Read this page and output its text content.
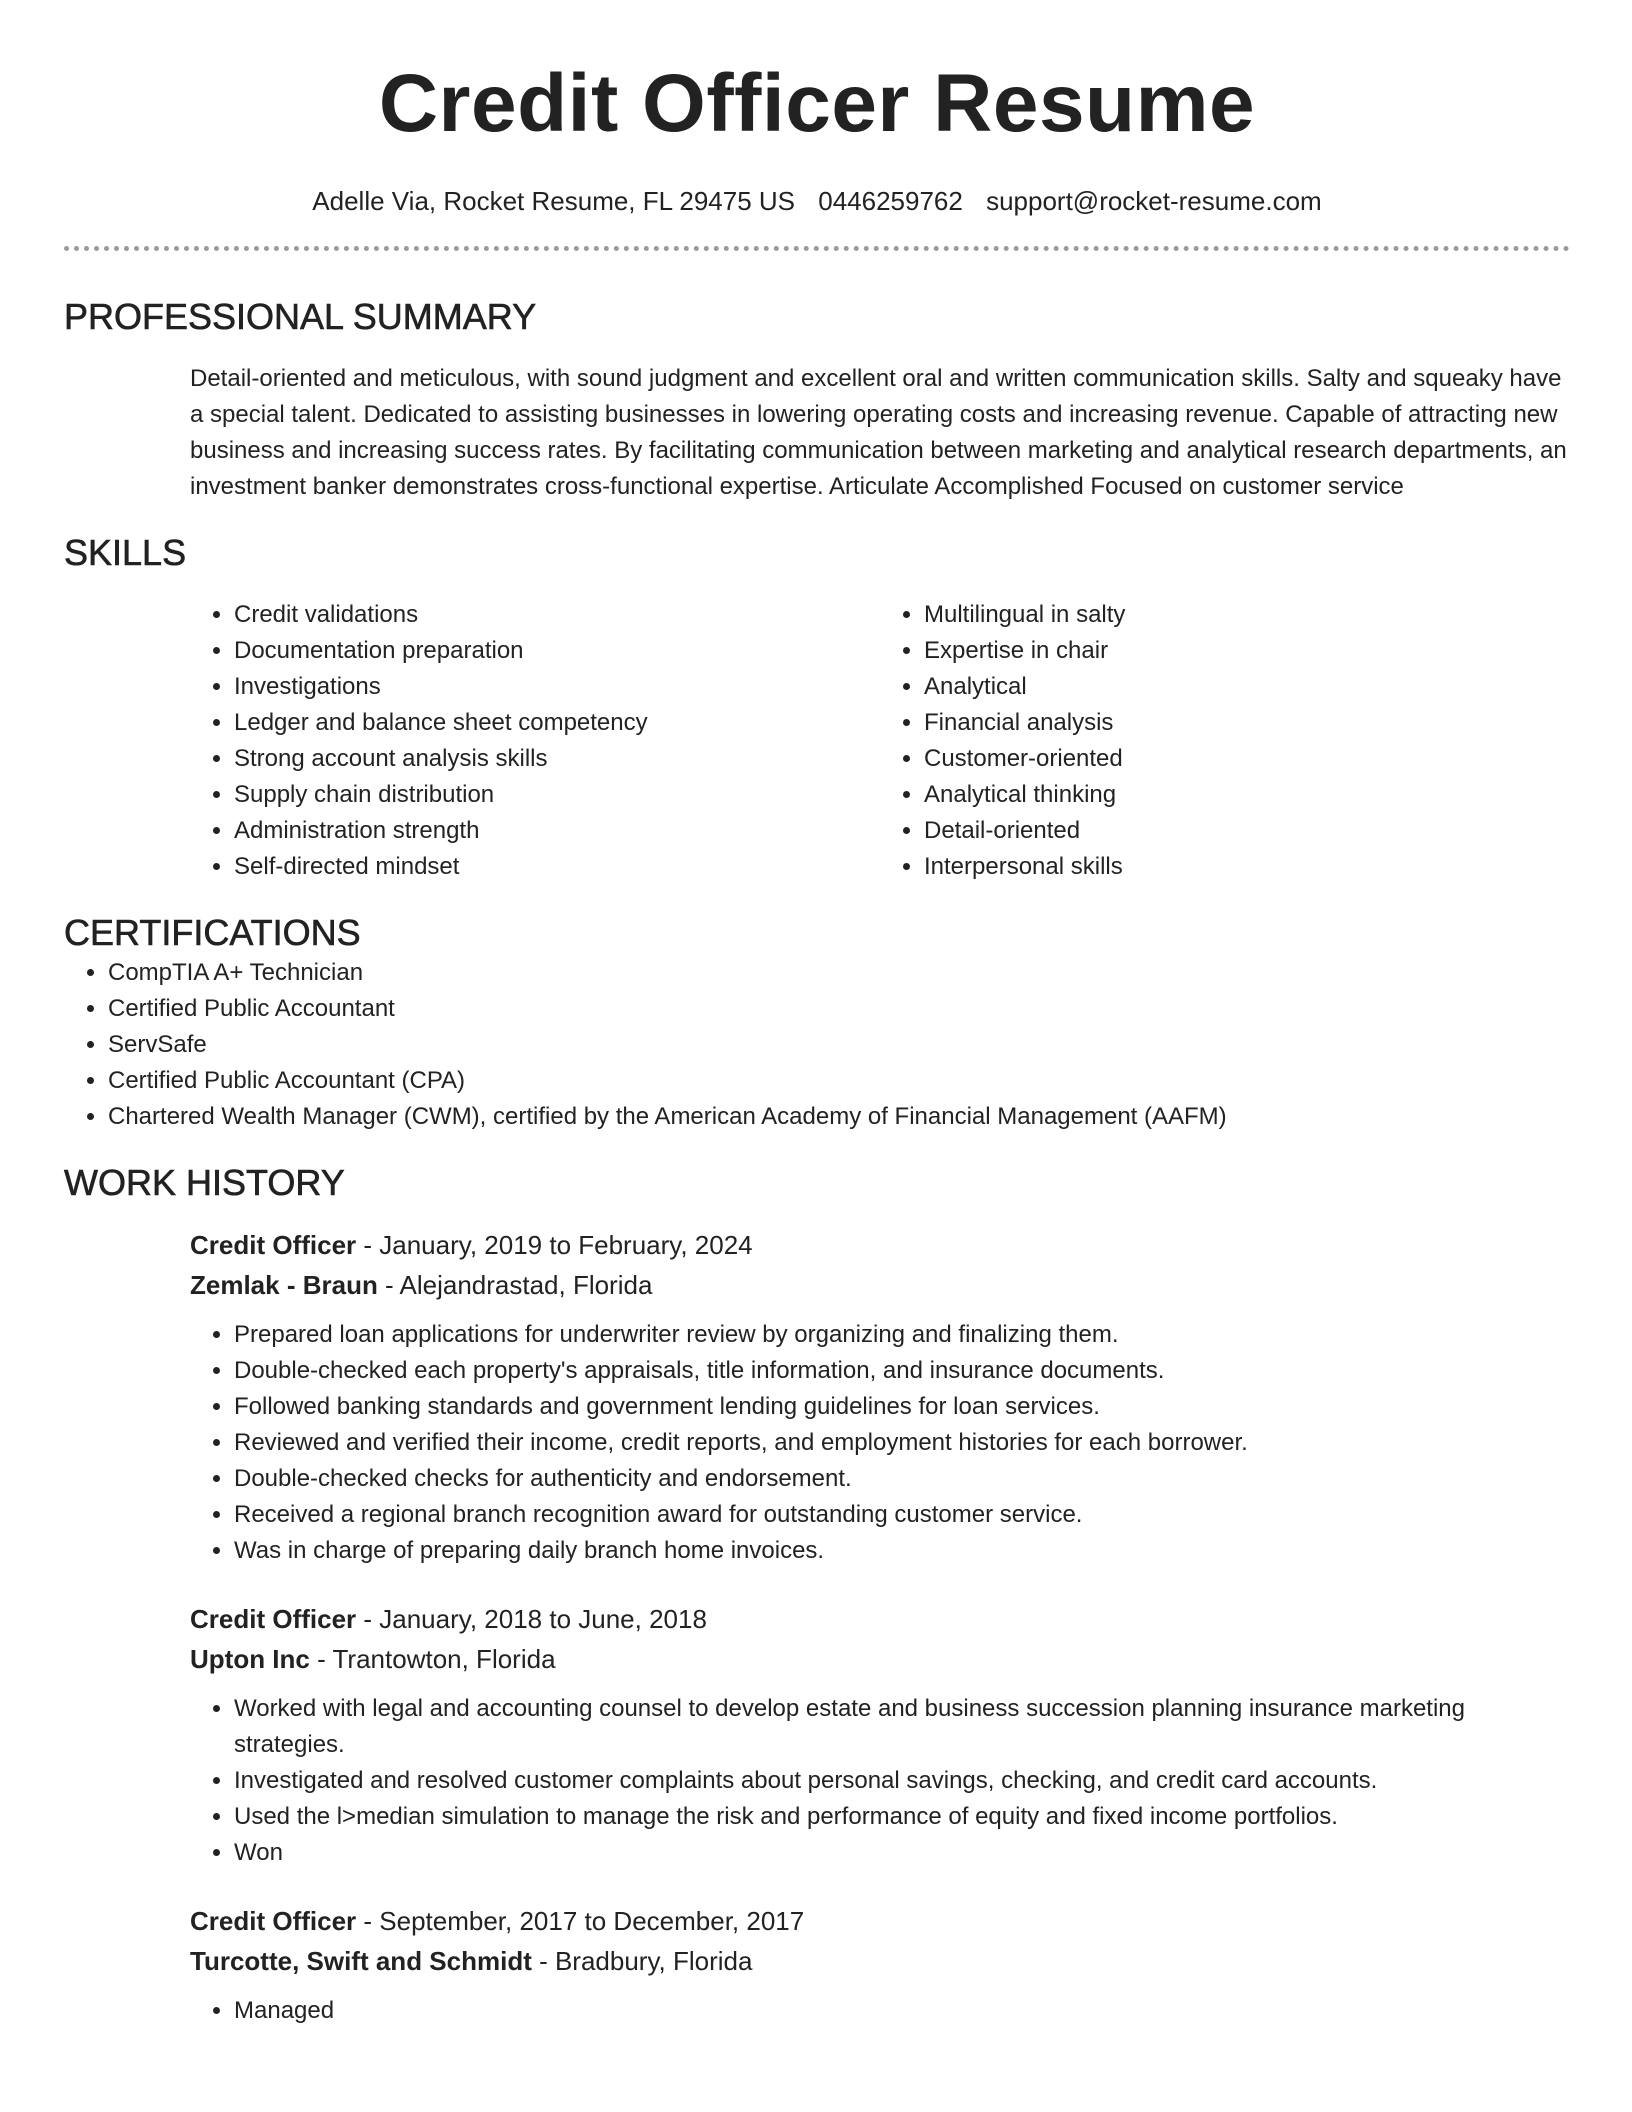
Credit Officer Resume
Adelle Via, Rocket Resume, FL 29475 US 0446259762 support@rocket-resume.com
PROFESSIONAL SUMMARY

Detail-oriented and meticulous, with sound judgment and excellent oral and written communication skills. Salty and squeaky have a special talent. Dedicated to assisting businesses in lowering operating costs and increasing revenue. Capable of attracting new business and increasing success rates. By facilitating communication between marketing and analytical research departments, an investment banker demonstrates cross-functional expertise. Articulate Accomplished Focused on customer service

SKILLS
• Credit validations
• Documentation preparation
• Investigations
• Ledger and balance sheet competency
• Strong account analysis skills
• Supply chain distribution
• Administration strength
• Self-directed mindset
• Multilingual in salty
• Expertise in chair
• Analytical
• Financial analysis
• Customer-oriented
• Analytical thinking
• Detail-oriented
• Interpersonal skills
CERTIFICATIONS
• CompTIA A+ Technician
• Certified Public Accountant
• ServSafe
• Certified Public Accountant (CPA)
• Chartered Wealth Manager (CWM), certified by the American Academy of Financial Management (AAFM)
WORK HISTORY
Credit Officer - January, 2019 to February, 2024
Zemlak - Braun - Alejandrastad, Florida
• Prepared loan applications for underwriter review by organizing and finalizing them.
• Double-checked each property's appraisals, title information, and insurance documents.
• Followed banking standards and government lending guidelines for loan services.
• Reviewed and verified their income, credit reports, and employment histories for each borrower.
• Double-checked checks for authenticity and endorsement.
• Received a regional branch recognition award for outstanding customer service.
• Was in charge of preparing daily branch home invoices.
Credit Officer - January, 2018 to June, 2018
Upton Inc - Trantowton, Florida
• Worked with legal and accounting counsel to develop estate and business succession planning insurance marketing strategies.
• Investigated and resolved customer complaints about personal savings, checking, and credit card accounts.
• Used the l>median simulation to manage the risk and performance of equity and fixed income portfolios.
• Won
Credit Officer - September, 2017 to December, 2017
Turcotte, Swift and Schmidt - Bradbury, Florida
• Managed
